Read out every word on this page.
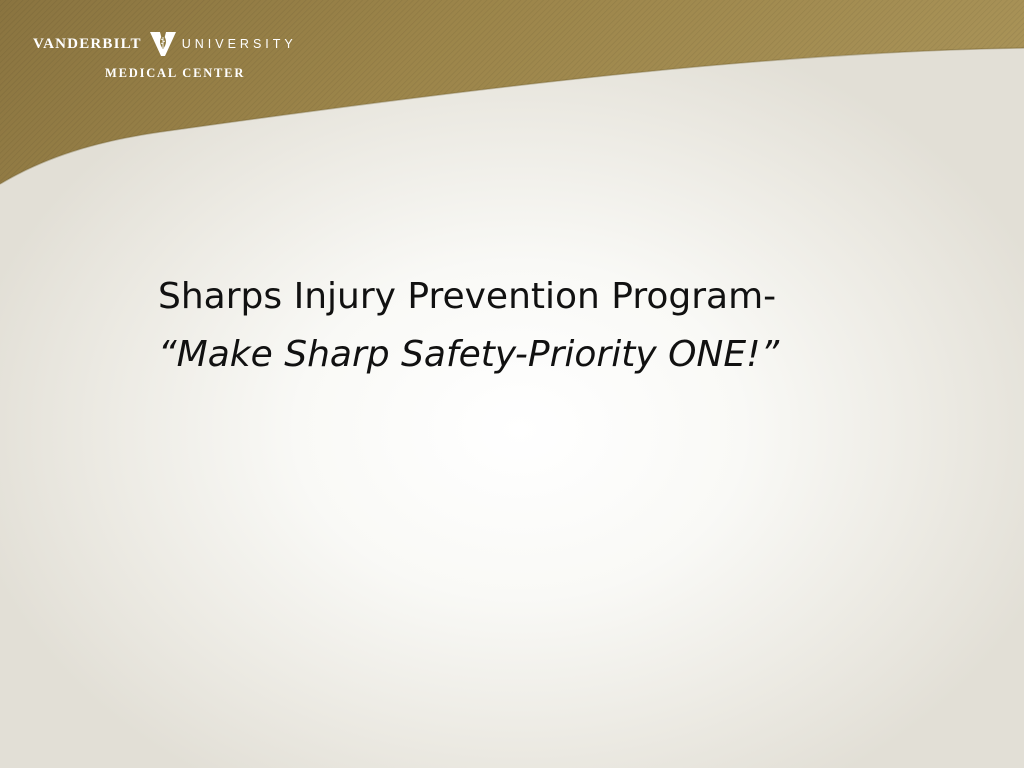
VANDERBILT	UNIVERSITY
MEDICAL CENTER
Sharps Injury Prevention Program-
“Make Sharp Safety-Priority ONE!”
